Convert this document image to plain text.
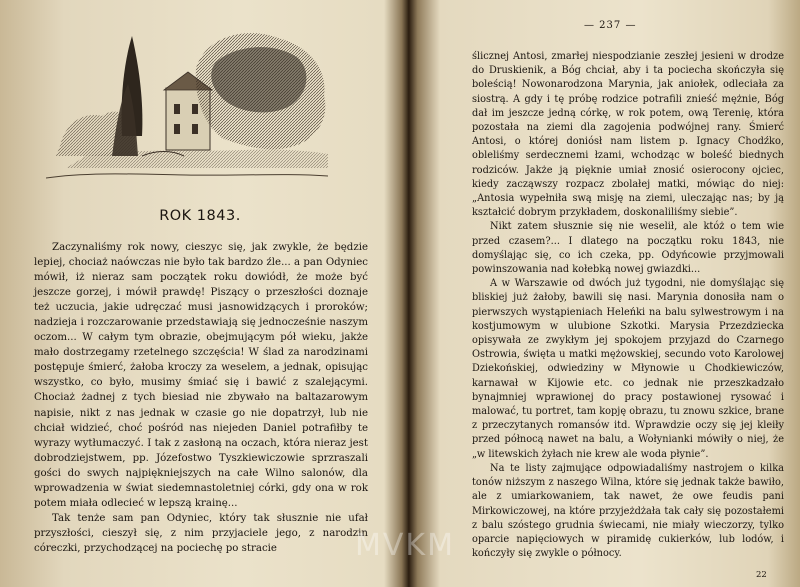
ROK 1843.

Zaczynaliśmy rok nowy, cieszyc się, jak zwykle, że będzie lepiej, chociaż naówczas nie było tak bardzo źle... a pan Odyniec mówił, iż nieraz sam początek roku dowiódł, że może być jeszcze gorzej, i mówił prawdę! Piszący o przeszłości doznaje też uczucia, jakie udręczać musi jasnowidzących i proroków; nadzieja i rozczarowanie przedstawiają się jednocześnie naszym oczom... W całym tym obrazie, obejmującym pół wieku, jakże mało dostrzegamy rzetelnego szczęścia! W ślad za narodzinami postępuje śmierć, żałoba kroczy za weselem, a jednak, opisując wszystko, co było, musimy śmiać się i bawić z szalejącymi. Chociaż żadnej z tych biesiad nie zbywało na baltazarowym napisie, nikt z nas jednak w czasie go nie dopatrzył, lub nie chciał widzieć, choć pośród nas niejeden Daniel potrafiłby te wyrazy wytłumaczyć. I tak z zasłoną na oczach, która nieraz jest dobrodziejstwem, pp. Józefostwo Tyszkiewiczowie sprzraszali gości do swych najpiękniejszych na całe Wilno salonów, dla wprowadzenia w świat siedemnastoletniej córki, gdy ona w rok potem miała odlecieć w lepszą krainę...

Tak tenże sam pan Odyniec, który tak słusznie nie ufał przyszłości, cieszył się, z nim przyjaciele jego, z narodzin córeczki, przychodzącej na pociechę po stracie

— 237 —

ślicznej Antosi, zmarłej niespodzianie zeszłej jesieni w drodze do Druskienik, a Bóg chciał, aby i ta pociecha skończyła się boleścią! Nowonarodzona Marynia, jak aniołek, odleciała za siostrą. A gdy i tę próbę rodzice potrafili znieść mężnie, Bóg dał im jeszcze jedną córkę, w rok potem, ową Terenię, która pozostała na ziemi dla zagojenia podwójnej rany. Śmierć Antosi, o której doniósł nam listem p. Ignacy Chodźko, obleliśmy serdecznemi łzami, wchodząc w boleść biednych rodziców. Jakże ją pięknie umiał znosić osierocony ojciec, kiedy zacząwszy rozpacz zbolałej matki, mówiąc do niej: „Antosia wypełniła swą misję na ziemi, uleczając nas; by ją kształcić dobrym przykładem, doskonaliliśmy siebie”.

Nikt zatem słusznie się nie weselił, ale któż o tem wie przed czasem?... I dlatego na początku roku 1843, nie domyślając się, co ich czeka, pp. Odyńcowie przyjmowali powinszowania nad kołebką nowej gwiazdki...

A w Warszawie od dwóch już tygodni, nie domyślając się bliskiej już żałoby, bawili się nasi. Marynia donosiła nam o pierwszych wystąpieniach Heleńki na balu sylwestrowym i na kostjumowym w ulubione Szkotki. Marysia Przezdziecka opisywała ze zwykłym jej spokojem przyjazd do Czarnego Ostrowia, święta u matki mężowskiej, secundo voto Karolowej Dziekońskiej, odwiedziny w Młynowie u Chodkiewiczów, karnawał w Kijowie etc. co jednak nie przeszkadzało bynajmniej wprawionej do pracy postawionej rysować i malować, tu portret, tam kopję obrazu, tu znowu szkice, brane z przeczytanych romansów itd. Wprawdzie oczy się jej kleiły przed północą nawet na balu, a Wołynianki mówiły o niej, że „w litewskich żyłach nie krew ale woda płynie”.

Na te listy zajmujące odpowiadaliśmy nastrojem o kilka tonów niższym z naszego Wilna, które się jednak także bawiło, ale z umiarkowaniem, tak nawet, że owe feudis pani Mirkowiczowej, na które przyjeżdżała tak cały się pozostałemi z balu szóstego grudnia świecami, nie miały wieczorzy, tylko oparcie napięciowych w piramidę cukierków, lub lodów, i kończyły się zwykle o północy.

22
MVKM
